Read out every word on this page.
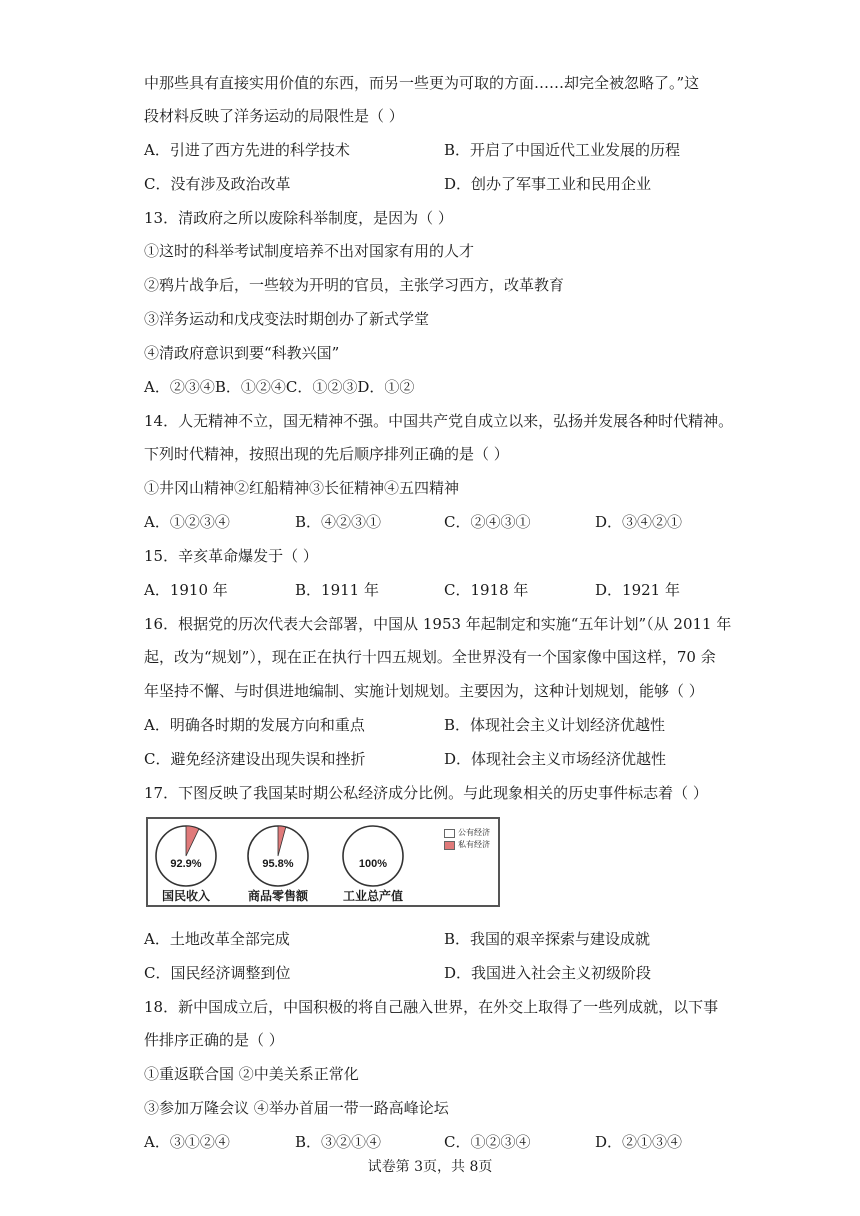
中那些具有直接实用价值的东西，而另一些更为可取的方面……却完全被忽略了。”这
段材料反映了洋务运动的局限性是（ ）
A．引进了西方先进的科学技术	B．开启了中国近代工业发展的历程
C．没有涉及政治改革	D．创办了军事工业和民用企业
13．清政府之所以废除科举制度，是因为（ ）
①这时的科举考试制度培养不出对国家有用的人才
②鸦片战争后，一些较为开明的官员，主张学习西方，改革教育
③洋务运动和戊戌变法时期创办了新式学堂
④清政府意识到要“科教兴国”
A．②③④B．①②④C．①②③D．①②
14．人无精神不立，国无精神不强。中国共产党自成立以来，弘扬并发展各种时代精神。
下列时代精神，按照出现的先后顺序排列正确的是（ ）
①井冈山精神②红船精神③长征精神④五四精神
A．①②③④	B．④②③①	C．②④③①	D．③④②①
15．辛亥革命爆发于（ ）
A．1910 年	B．1911 年	C．1918 年	D．1921 年
16．根据党的历次代表大会部署，中国从 1953 年起制定和实施“五年计划”（从 2011 年
起，改为“规划”），现在正在执行十四五规划。全世界没有一个国家像中国这样，70 余
年坚持不懈、与时俱进地编制、实施计划规划。主要因为，这种计划规划，能够（ ）
A．明确各时期的发展方向和重点	B．体现社会主义计划经济优越性
C．避免经济建设出现失误和挫折	D．体现社会主义市场经济优越性
17．下图反映了我国某时期公私经济成分比例。与此现象相关的历史事件标志着（ ）
92.9%
国民收入
95.8%
商品零售额
100%
工业总产值
公有经济
私有经济
A．土地改革全部完成	B．我国的艰辛探索与建设成就
C．国民经济调整到位	D．我国进入社会主义初级阶段
18．新中国成立后，中国积极的将自己融入世界，在外交上取得了一些列成就，以下事
件排序正确的是（ ）
①重返联合国 ②中美关系正常化
③参加万隆会议 ④举办首届一带一路高峰论坛
A．③①②④	B．③②①④	C．①②③④	D．②①③④
试卷第 3页，共 8页
